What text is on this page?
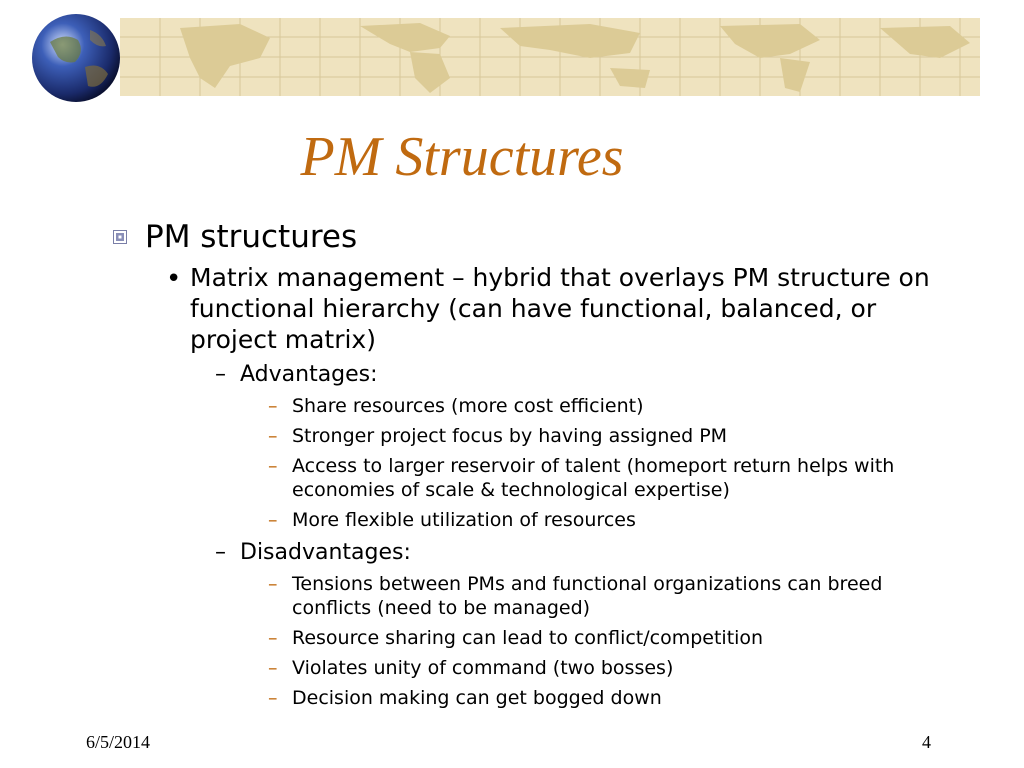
PM Structures
PM structures
• Matrix management – hybrid that overlays PM structure on functional hierarchy (can have functional, balanced, or project matrix)
– Advantages:
– Share resources (more cost efficient)
– Stronger project focus by having assigned PM
– Access to larger reservoir of talent (homeport return helps with economies of scale & technological expertise)
– More flexible utilization of resources
– Disadvantages:
– Tensions between PMs and functional organizations can breed conflicts (need to be managed)
– Resource sharing can lead to conflict/competition
– Violates unity of command (two bosses)
– Decision making can get bogged down
6/5/2014	4
